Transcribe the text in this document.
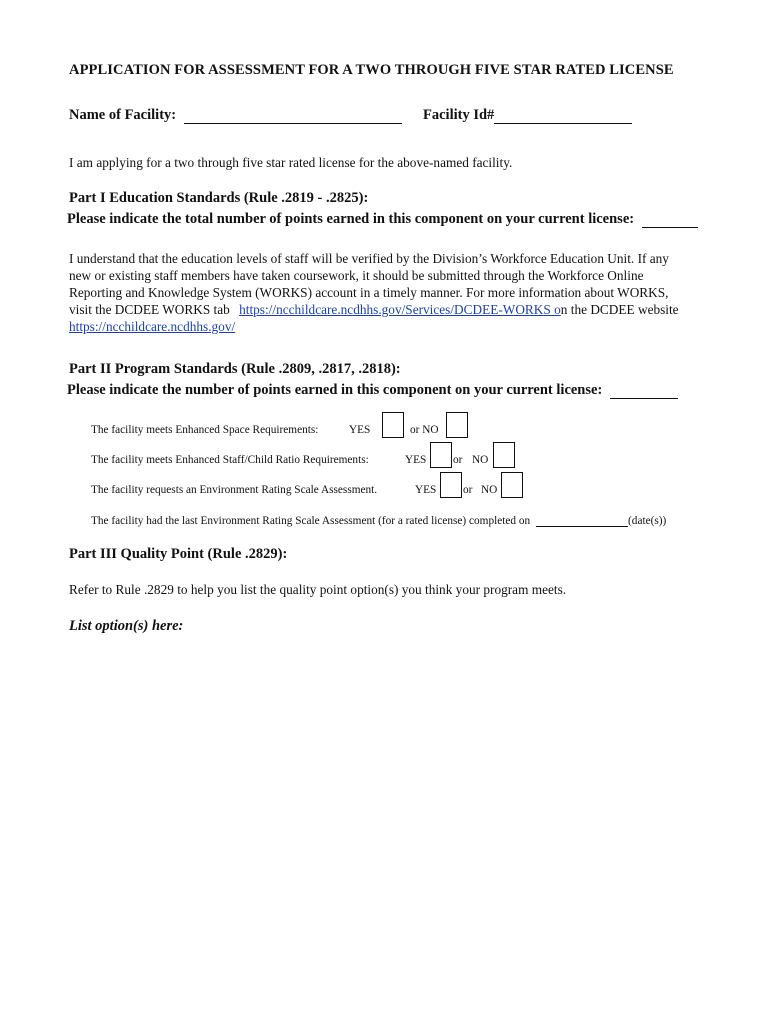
APPLICATION FOR ASSESSMENT FOR A TWO THROUGH FIVE STAR RATED LICENSE
Name of Facility:	Facility Id#
I am applying for a two through five star rated license for the above-named facility.
Part I Education Standards (Rule .2819 - .2825):
Please indicate the total number of points earned in this component on your current license:
I understand that the education levels of staff will be verified by the Division’s Workforce Education Unit. If any
new or existing staff members have taken coursework, it should be submitted through the Workforce Online
Reporting and Knowledge System (WORKS) account in a timely manner. For more information about WORKS,
visit the DCDEE WORKS tab https://ncchildcare.ncdhhs.gov/Services/DCDEE-WORKS on the DCDEE website
https://ncchildcare.ncdhhs.gov/
Part II Program Standards (Rule .2809, .2817, .2818):
Please indicate the number of points earned in this component on your current license:
The facility meets Enhanced Space Requirements:	YES	or NO
The facility meets Enhanced Staff/Child Ratio Requirements:	YES or NO
The facility requests an Environment Rating Scale Assessment.	YES or NO
The facility had the last Environment Rating Scale Assessment (for a rated license) completed on	(date(s))
Part III Quality Point (Rule .2829):
Refer to Rule .2829 to help you list the quality point option(s) you think your program meets.
List option(s) here:
